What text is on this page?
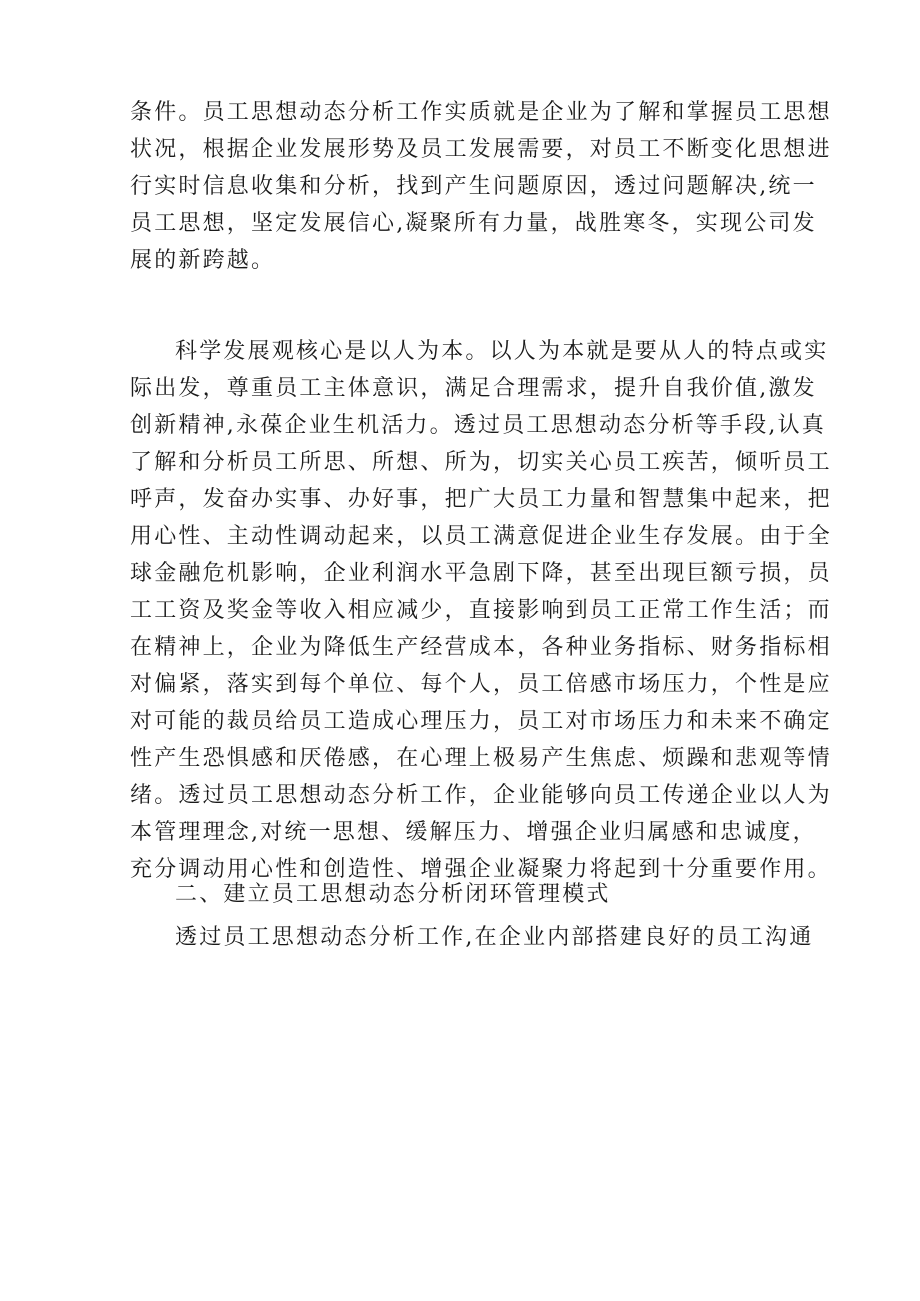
条件。员工思想动态分析工作实质就是企业为了解和掌握员工思想
状况，根据企业发展形势及员工发展需要，对员工不断变化思想进
行实时信息收集和分析，找到产生问题原因，透过问题解决,统一
员工思想，坚定发展信心,凝聚所有力量，战胜寒冬，实现公司发
展的新跨越。
科学发展观核心是以人为本。以人为本就是要从人的特点或实
际出发，尊重员工主体意识，满足合理需求，提升自我价值,激发
创新精神,永葆企业生机活力。透过员工思想动态分析等手段,认真
了解和分析员工所思、所想、所为，切实关心员工疾苦，倾听员工
呼声，发奋办实事、办好事，把广大员工力量和智慧集中起来，把
用心性、主动性调动起来，以员工满意促进企业生存发展。由于全
球金融危机影响，企业利润水平急剧下降，甚至出现巨额亏损，员
工工资及奖金等收入相应减少，直接影响到员工正常工作生活；而
在精神上，企业为降低生产经营成本，各种业务指标、财务指标相
对偏紧，落实到每个单位、每个人，员工倍感市场压力，个性是应
对可能的裁员给员工造成心理压力，员工对市场压力和未来不确定
性产生恐惧感和厌倦感，在心理上极易产生焦虑、烦躁和悲观等情
绪。透过员工思想动态分析工作，企业能够向员工传递企业以人为
本管理理念,对统一思想、缓解压力、增强企业归属感和忠诚度，
充分调动用心性和创造性、增强企业凝聚力将起到十分重要作用。
二、建立员工思想动态分析闭环管理模式
透过员工思想动态分析工作,在企业内部搭建良好的员工沟通
